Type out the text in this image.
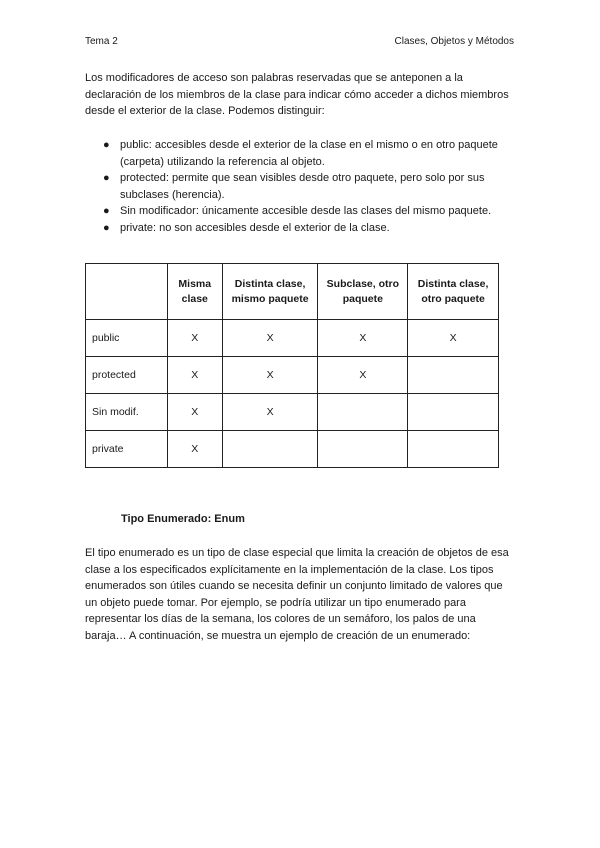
Tema 2	Clases, Objetos y Métodos

Los modificadores de acceso son palabras reservadas que se anteponen a la declaración de los miembros de la clase para indicar cómo acceder a dichos miembros desde el exterior de la clase. Podemos distinguir:

● public: accesibles desde el exterior de la clase en el mismo o en otro paquete (carpeta) utilizando la referencia al objeto.
● protected: permite que sean visibles desde otro paquete, pero solo por sus subclases (herencia).
● Sin modificador: únicamente accesible desde las clases del mismo paquete.
● private: no son accesibles desde el exterior de la clase.
	Misma clase	Distinta clase, mismo paquete	Subclase, otro paquete	Distinta clase, otro paquete
public	X	X	X	X
protected	X	X	X	
Sin modif.	X	X		
private	X			
Tipo Enumerado: Enum

El tipo enumerado es un tipo de clase especial que limita la creación de objetos de esa clase a los especificados explícitamente en la implementación de la clase. Los tipos enumerados son útiles cuando se necesita definir un conjunto limitado de valores que un objeto puede tomar. Por ejemplo, se podría utilizar un tipo enumerado para representar los días de la semana, los colores de un semáforo, los palos de una baraja… A continuación, se muestra un ejemplo de creación de un enumerado:
